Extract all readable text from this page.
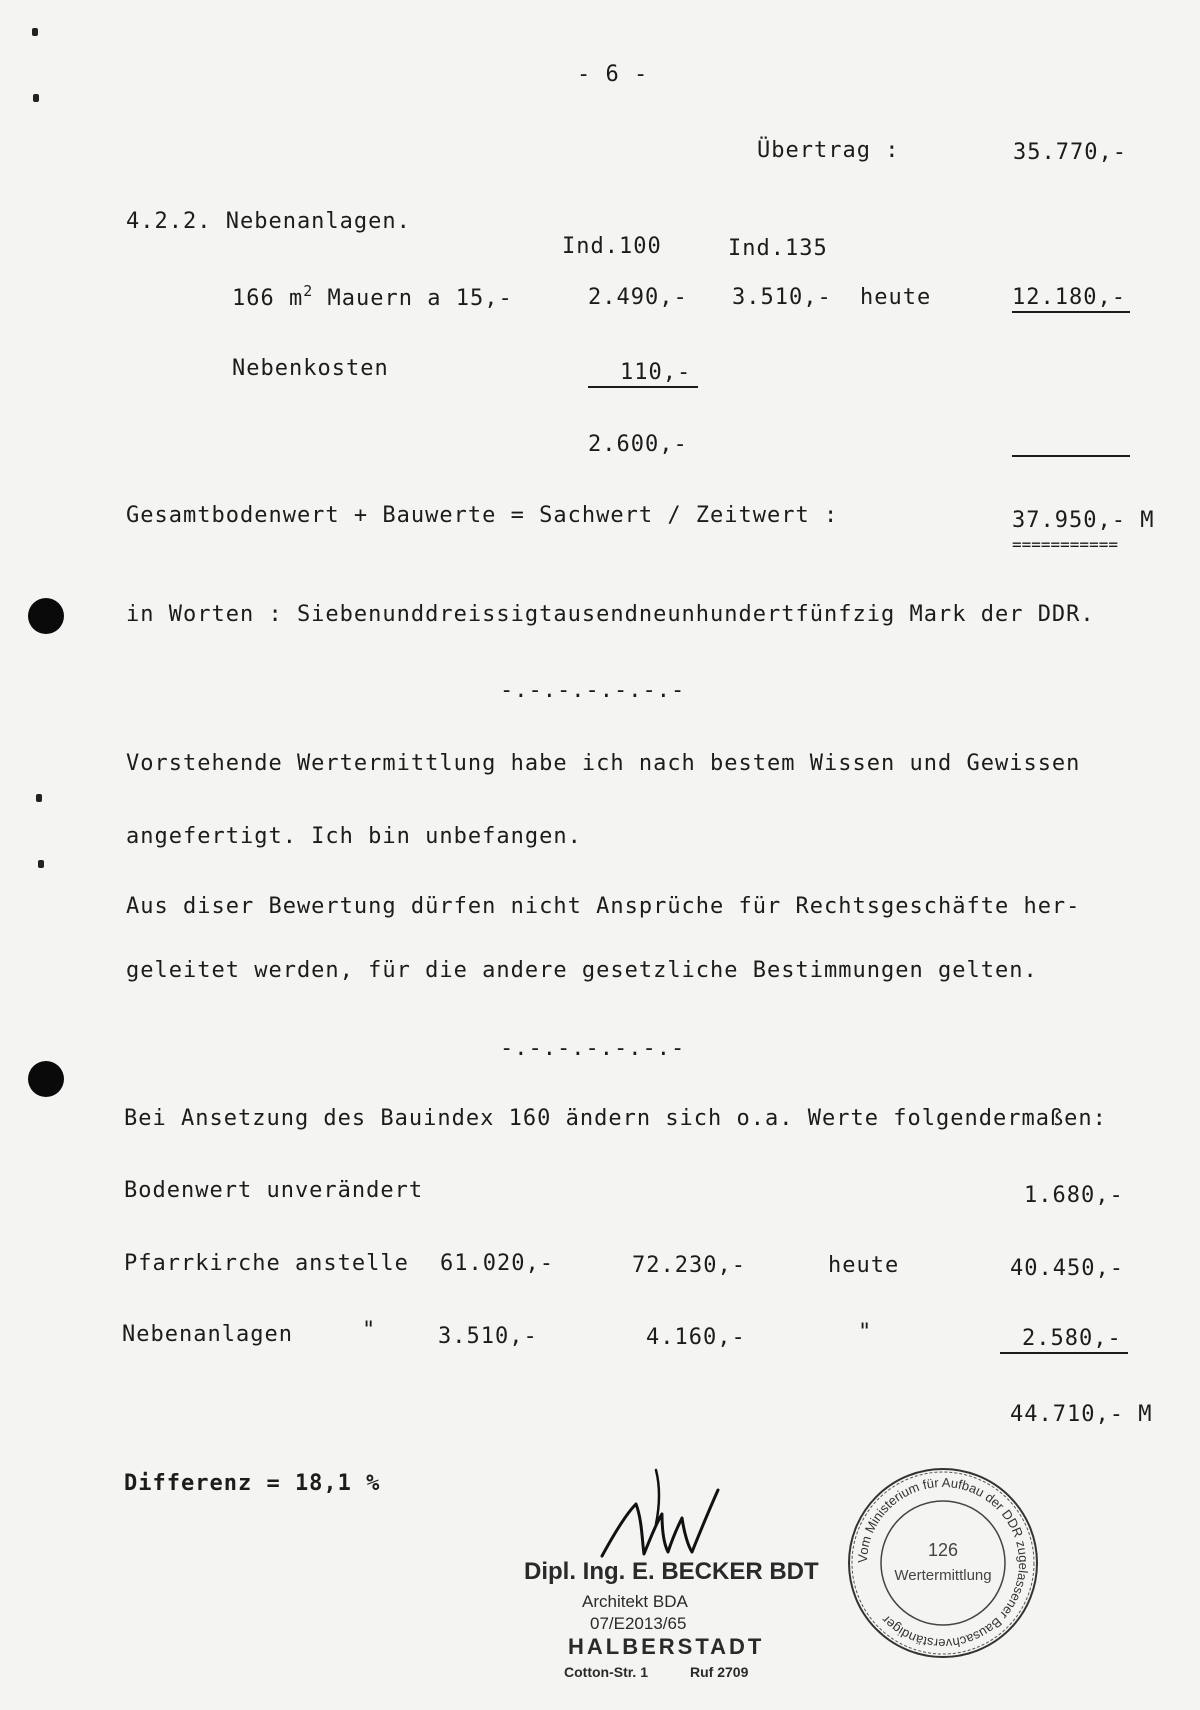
- 6 -
Übertrag :	35.770,-
4.2.2. Nebenanlagen.
Ind.100	Ind.135
166 $m^2$ Mauern a 15,-	2.490,- 3.510,- heute	12.180,-
Nebenkosten	110,-
2.600,-
Gesamtbodenwert + Bauwerte = Sachwert / Zeitwert :	37.950,- M
===========
in Worten : Siebenunddreissigtausendneunhundertfünfzig Mark der DDR.
-.-.-.-.-.-.-
Vorstehende Wertermittlung habe ich nach bestem Wissen und Gewissen
angefertigt. Ich bin unbefangen.
Aus diser Bewertung dürfen nicht Ansprüche für Rechtsgeschäfte her-
geleitet werden, für die andere gesetzliche Bestimmungen gelten.
-.-.-.-.-.-.-
Bei Ansetzung des Bauindex 160 ändern sich o.a. Werte folgendermaßen:
Bodenwert unverändert	1.680,-
Pfarrkirche anstelle 61.020,-	72.230,-	heute	40.450,-
Nebenanlagen	"	3.510,-	4.160,-	"	2.580,-
44.710,- M
Differenz = 18,1 %
Dipl. Ing. E. BECKER BDT
Architekt BDA
07/E2013/65
HALBERSTADT
Cotton-Str. 1	Ruf 2709
Vom Ministerium für Aufbau der DDR zugelassener Bausachverständiger
126
Wertermittlung
